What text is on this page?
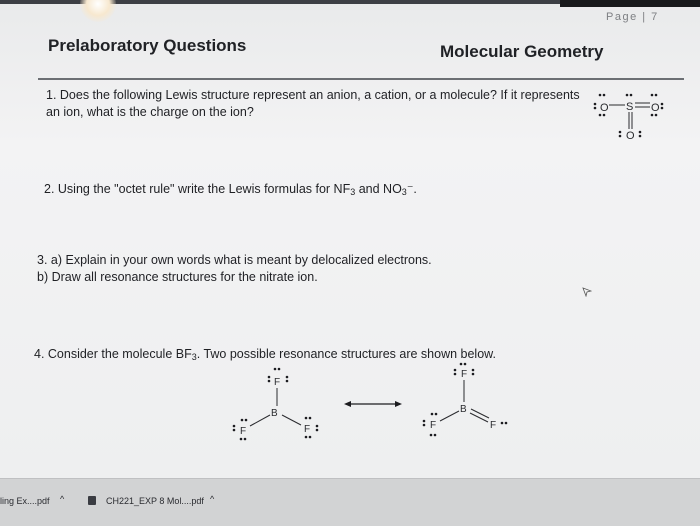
Page | 7
Prelaboratory Questions	Molecular Geometry
1. Does the following Lewis structure represent an anion, a cation, or a molecule? If it represents an ion, what is the charge on the ion?	O S O
O
2. Using the "octet rule" write the Lewis formulas for $NF_3$ and $NO_3^-$.
3. a) Explain in your own words what is meant by delocalized electrons.
b) Draw all resonance structures for the nitrate ion.
4. Consider the molecule $BF_3$. Two possible resonance structures are shown below.
F
B
F	F
F
B
F	F
ling Ex....pdf ^	CH221_EXP 8 Mol....pdf ^
